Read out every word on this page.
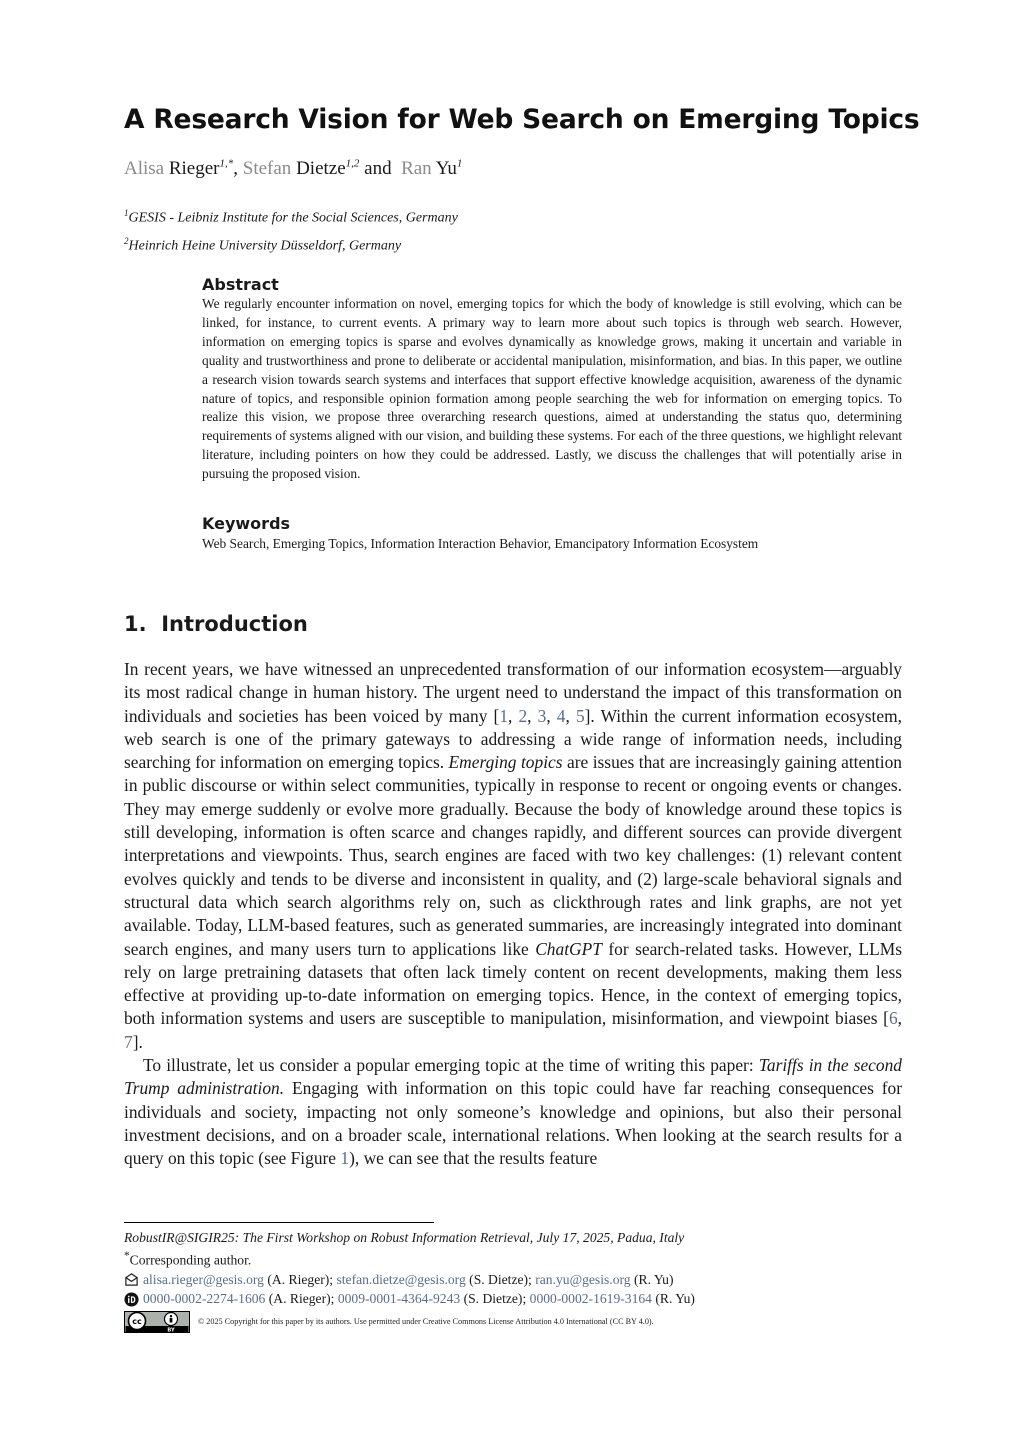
A Research Vision for Web Search on Emerging Topics
Alisa Rieger$^{1,*}$, Stefan Dietze$^{1,2}$ and  Ran Yu$^1$
$^1$GESIS - Leibniz Institute for the Social Sciences, Germany
$^2$Heinrich Heine University Düsseldorf, Germany
Abstract

We regularly encounter information on novel, emerging topics for which the body of knowledge is still evolving, which can be linked, for instance, to current events. A primary way to learn more about such topics is through web search. However, information on emerging topics is sparse and evolves dynamically as knowledge grows, making it uncertain and variable in quality and trustworthiness and prone to deliberate or accidental manipulation, misinformation, and bias. In this paper, we outline a research vision towards search systems and interfaces that support effective knowledge acquisition, awareness of the dynamic nature of topics, and responsible opinion formation among people searching the web for information on emerging topics. To realize this vision, we propose three overarching research questions, aimed at understanding the status quo, determining requirements of systems aligned with our vision, and building these systems. For each of the three questions, we highlight relevant literature, including pointers on how they could be addressed. Lastly, we discuss the challenges that will potentially arise in pursuing the proposed vision.

Keywords

Web Search, Emerging Topics, Information Interaction Behavior, Emancipatory Information Ecosystem

1.  Introduction

In recent years, we have witnessed an unprecedented transformation of our information ecosystem—arguably its most radical change in human history. The urgent need to understand the impact of this transformation on individuals and societies has been voiced by many [1, 2, 3, 4, 5]. Within the current information ecosystem, web search is one of the primary gateways to addressing a wide range of information needs, including searching for information on emerging topics. Emerging topics are issues that are increasingly gaining attention in public discourse or within select communities, typically in response to recent or ongoing events or changes. They may emerge suddenly or evolve more gradually. Because the body of knowledge around these topics is still developing, information is often scarce and changes rapidly, and different sources can provide divergent interpretations and viewpoints. Thus, search engines are faced with two key challenges: (1) relevant content evolves quickly and tends to be diverse and inconsistent in quality, and (2) large-scale behavioral signals and structural data which search algorithms rely on, such as clickthrough rates and link graphs, are not yet available. Today, LLM-based features, such as generated summaries, are increasingly integrated into dominant search engines, and many users turn to applications like ChatGPT for search-related tasks. However, LLMs rely on large pretraining datasets that often lack timely content on recent developments, making them less effective at providing up-to-date information on emerging topics. Hence, in the context of emerging topics, both information systems and users are susceptible to manipulation, misinformation, and viewpoint biases [6, 7].

To illustrate, let us consider a popular emerging topic at the time of writing this paper: Tariffs in the second Trump administration. Engaging with information on this topic could have far reaching consequences for individuals and society, impacting not only someone’s knowledge and opinions, but also their personal investment decisions, and on a broader scale, international relations. When looking at the search results for a query on this topic (see Figure 1), we can see that the results feature

RobustIR@SIGIR25: The First Workshop on Robust Information Retrieval, July 17, 2025, Padua, Italy
*Corresponding author.
alisa.rieger@gesis.org (A. Rieger); stefan.dietze@gesis.org (S. Dietze); ran.yu@gesis.org (R. Yu)
0000-0002-2274-1606 (A. Rieger); 0009-0001-4364-9243 (S. Dietze); 0000-0002-1619-3164 (R. Yu)
cc
BY
© 2025 Copyright for this paper by its authors. Use permitted under Creative Commons License Attribution 4.0 International (CC BY 4.0).
